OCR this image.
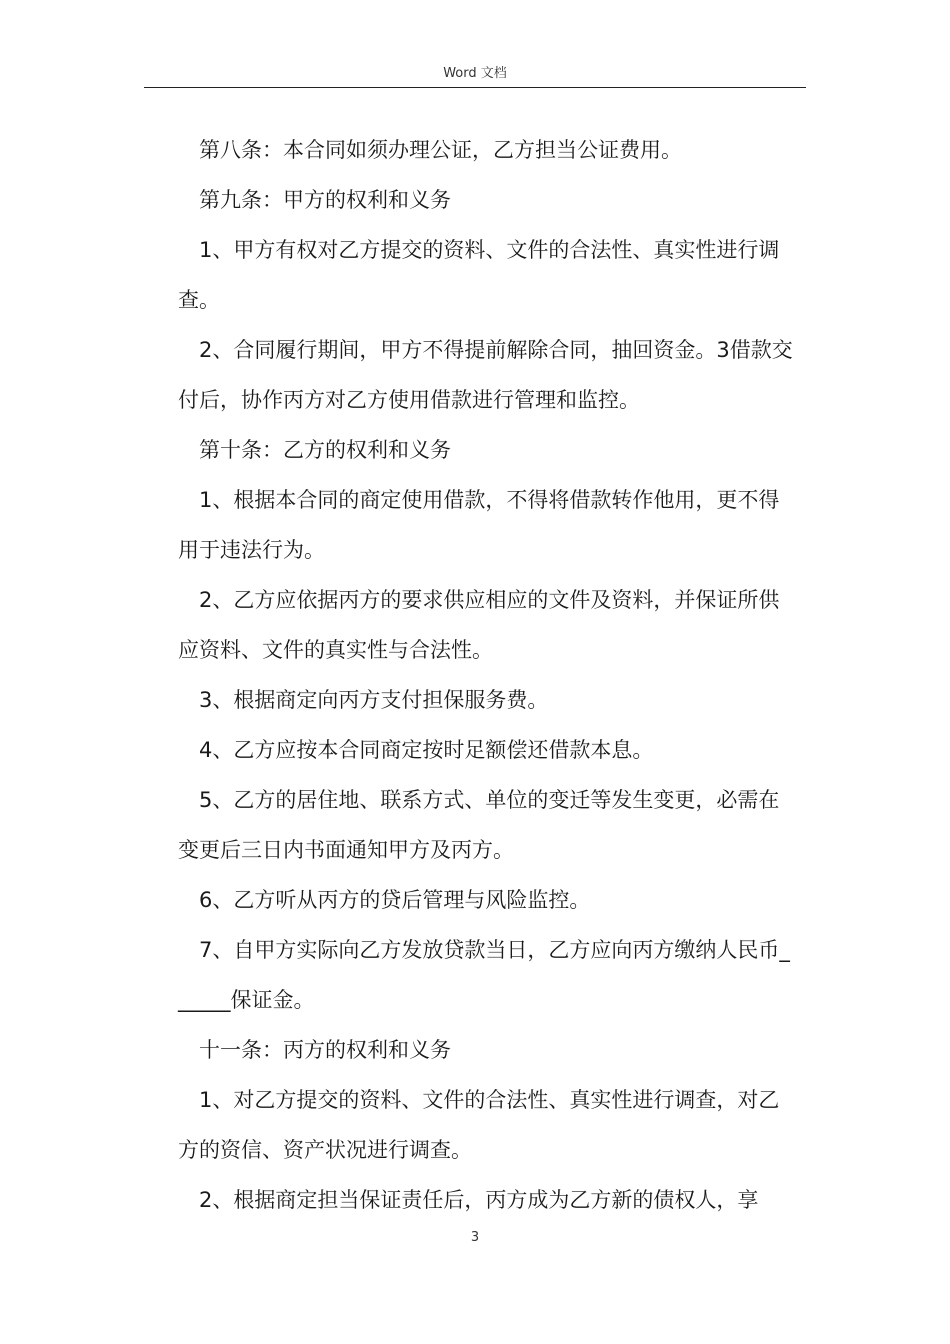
Word 文档

第八条：本合同如须办理公证，乙方担当公证费用。

第九条：甲方的权利和义务

1、甲方有权对乙方提交的资料、文件的合法性、真实性进行调查。

2、合同履行期间，甲方不得提前解除合同，抽回资金。3借款交付后，协作丙方对乙方使用借款进行管理和监控。

第十条：乙方的权利和义务

1、根据本合同的商定使用借款，不得将借款转作他用，更不得用于违法行为。

2、乙方应依据丙方的要求供应相应的文件及资料，并保证所供应资料、文件的真实性与合法性。

3、根据商定向丙方支付担保服务费。

4、乙方应按本合同商定按时足额偿还借款本息。

5、乙方的居住地、联系方式、单位的变迁等发生变更，必需在变更后三日内书面通知甲方及丙方。

6、乙方听从丙方的贷后管理与风险监控。

7、自甲方实际向乙方发放贷款当日，乙方应向丙方缴纳人民币______保证金。

十一条：丙方的权利和义务

1、对乙方提交的资料、文件的合法性、真实性进行调查，对乙方的资信、资产状况进行调查。

2、根据商定担当保证责任后，丙方成为乙方新的债权人，享

3
